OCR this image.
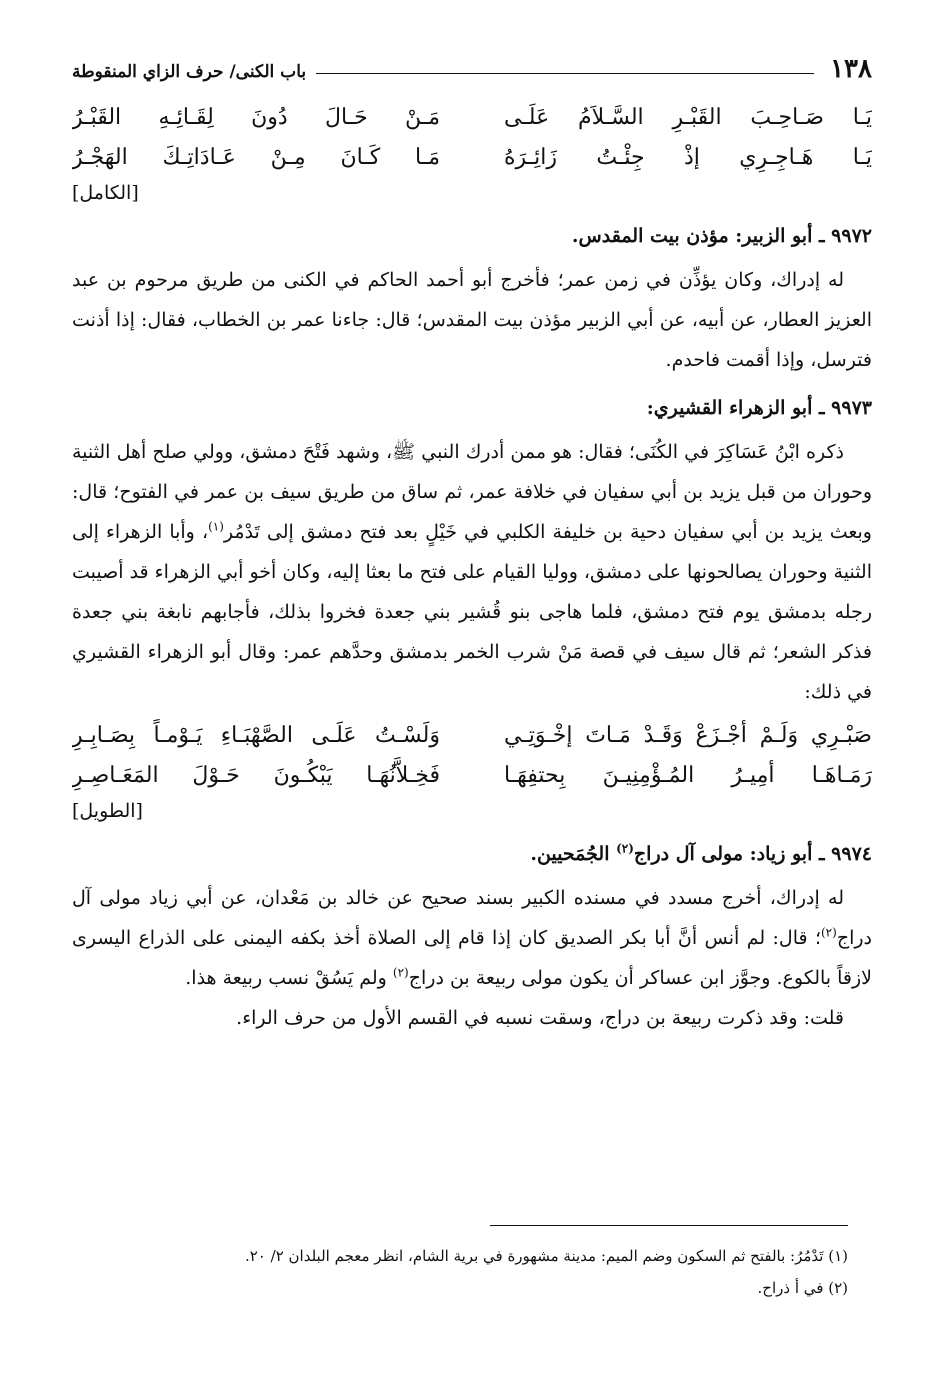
١٣٨
باب الكنى/ حرف الزاي المنقوطة
يَـا صَـاحِـبَ القَبْـرِ السَّـلاَمُ عَلَـى
مَـنْ حَـالَ دُونَ لِقَـائِـهِ القَبْـرُ
يَـا هَـاجِـرِي إذْ جِئْـتُ زَائِـرَهُ
مَـا كَـانَ مِـنْ عَـادَاتِـكَ الهَجْـرُ
[الكامل]
٩٩٧٢ ـ أبو الزبير: مؤذن بيت المقدس.

له إدراك، وكان يؤذِّن في زمن عمر؛ فأخرج أبو أحمد الحاكم في الكنى من طريق مرحوم بن عبد العزيز العطار، عن أبيه، عن أبي الزبير مؤذن بيت المقدس؛ قال: جاءنا عمر بن الخطاب، فقال: إذا أذنت فترسل، وإذا أقمت فاحدم.

٩٩٧٣ ـ أبو الزهراء القشيري:

ذكره ابْنُ عَسَاكِرَ في الكُنَى؛ فقال: هو ممن أدرك النبي ﷺ، وشهد فَتْحَ دمشق، وولي صلح أهل الثنية وحوران من قبل يزيد بن أبي سفيان في خلافة عمر، ثم ساق من طريق سيف بن عمر في الفتوح؛ قال: وبعث يزيد بن أبي سفيان دحية بن خليفة الكلبي في خَيْلٍ بعد فتح دمشق إلى تَدْمُر$^{(١)}$، وأبا الزهراء إلى الثنية وحوران يصالحونها على دمشق، ووليا القيام على فتح ما بعثا إليه، وكان أخو أبي الزهراء قد أصيبت رجله بدمشق يوم فتح دمشق، فلما هاجى بنو قُشير بني جعدة فخروا بذلك، فأجابهم نابغة بني جعدة فذكر الشعر؛ ثم قال سيف في قصة مَنْ شرب الخمر بدمشق وحدَّهم عمر: وقال أبو الزهراء القشيري في ذلك:

صَبْـرِي وَلَـمْ أجْـزَعْ وَقَـدْ مَـاتَ إخْـوَتِـي
وَلَسْـتُ عَلَـى الصَّهْبَـاءِ يَـوْمـاً بِصَـابِـرِ
رَمَـاهَـا أمِيـرُ المُـؤْمِنِيـنَ بِحتفِهَـا
فَخِـلاَّنُهَـا يَبْكُـونَ حَـوْلَ المَعَـاصِـرِ
[الطويل]
٩٩٧٤ ـ أبو زياد: مولى آل دراج$^{(٢)}$ الجُمَحيين.

له إدراك، أخرج مسدد في مسنده الكبير بسند صحيح عن خالد بن مَعْدان، عن أبي زياد مولى آل دراج$^{(٢)}$؛ قال: لم أنس أنَّ أبا بكر الصديق كان إذا قام إلى الصلاة أخذ بكفه اليمنى على الذراع اليسرى لازقاً بالكوع. وجوَّز ابن عساكر أن يكون مولى ربيعة بن دراج$^{(٢)}$ ولم يَسُقْ نسب ربيعة هذا.

قلت: وقد ذكرت ربيعة بن دراج، وسقت نسبه في القسم الأول من حرف الراء.

(١) تَدْمُرُ: بالفتح ثم السكون وضم الميم: مدينة مشهورة في برية الشام، انظر معجم البلدان ٢/ ٢٠.
(٢) في أ ذراح.
